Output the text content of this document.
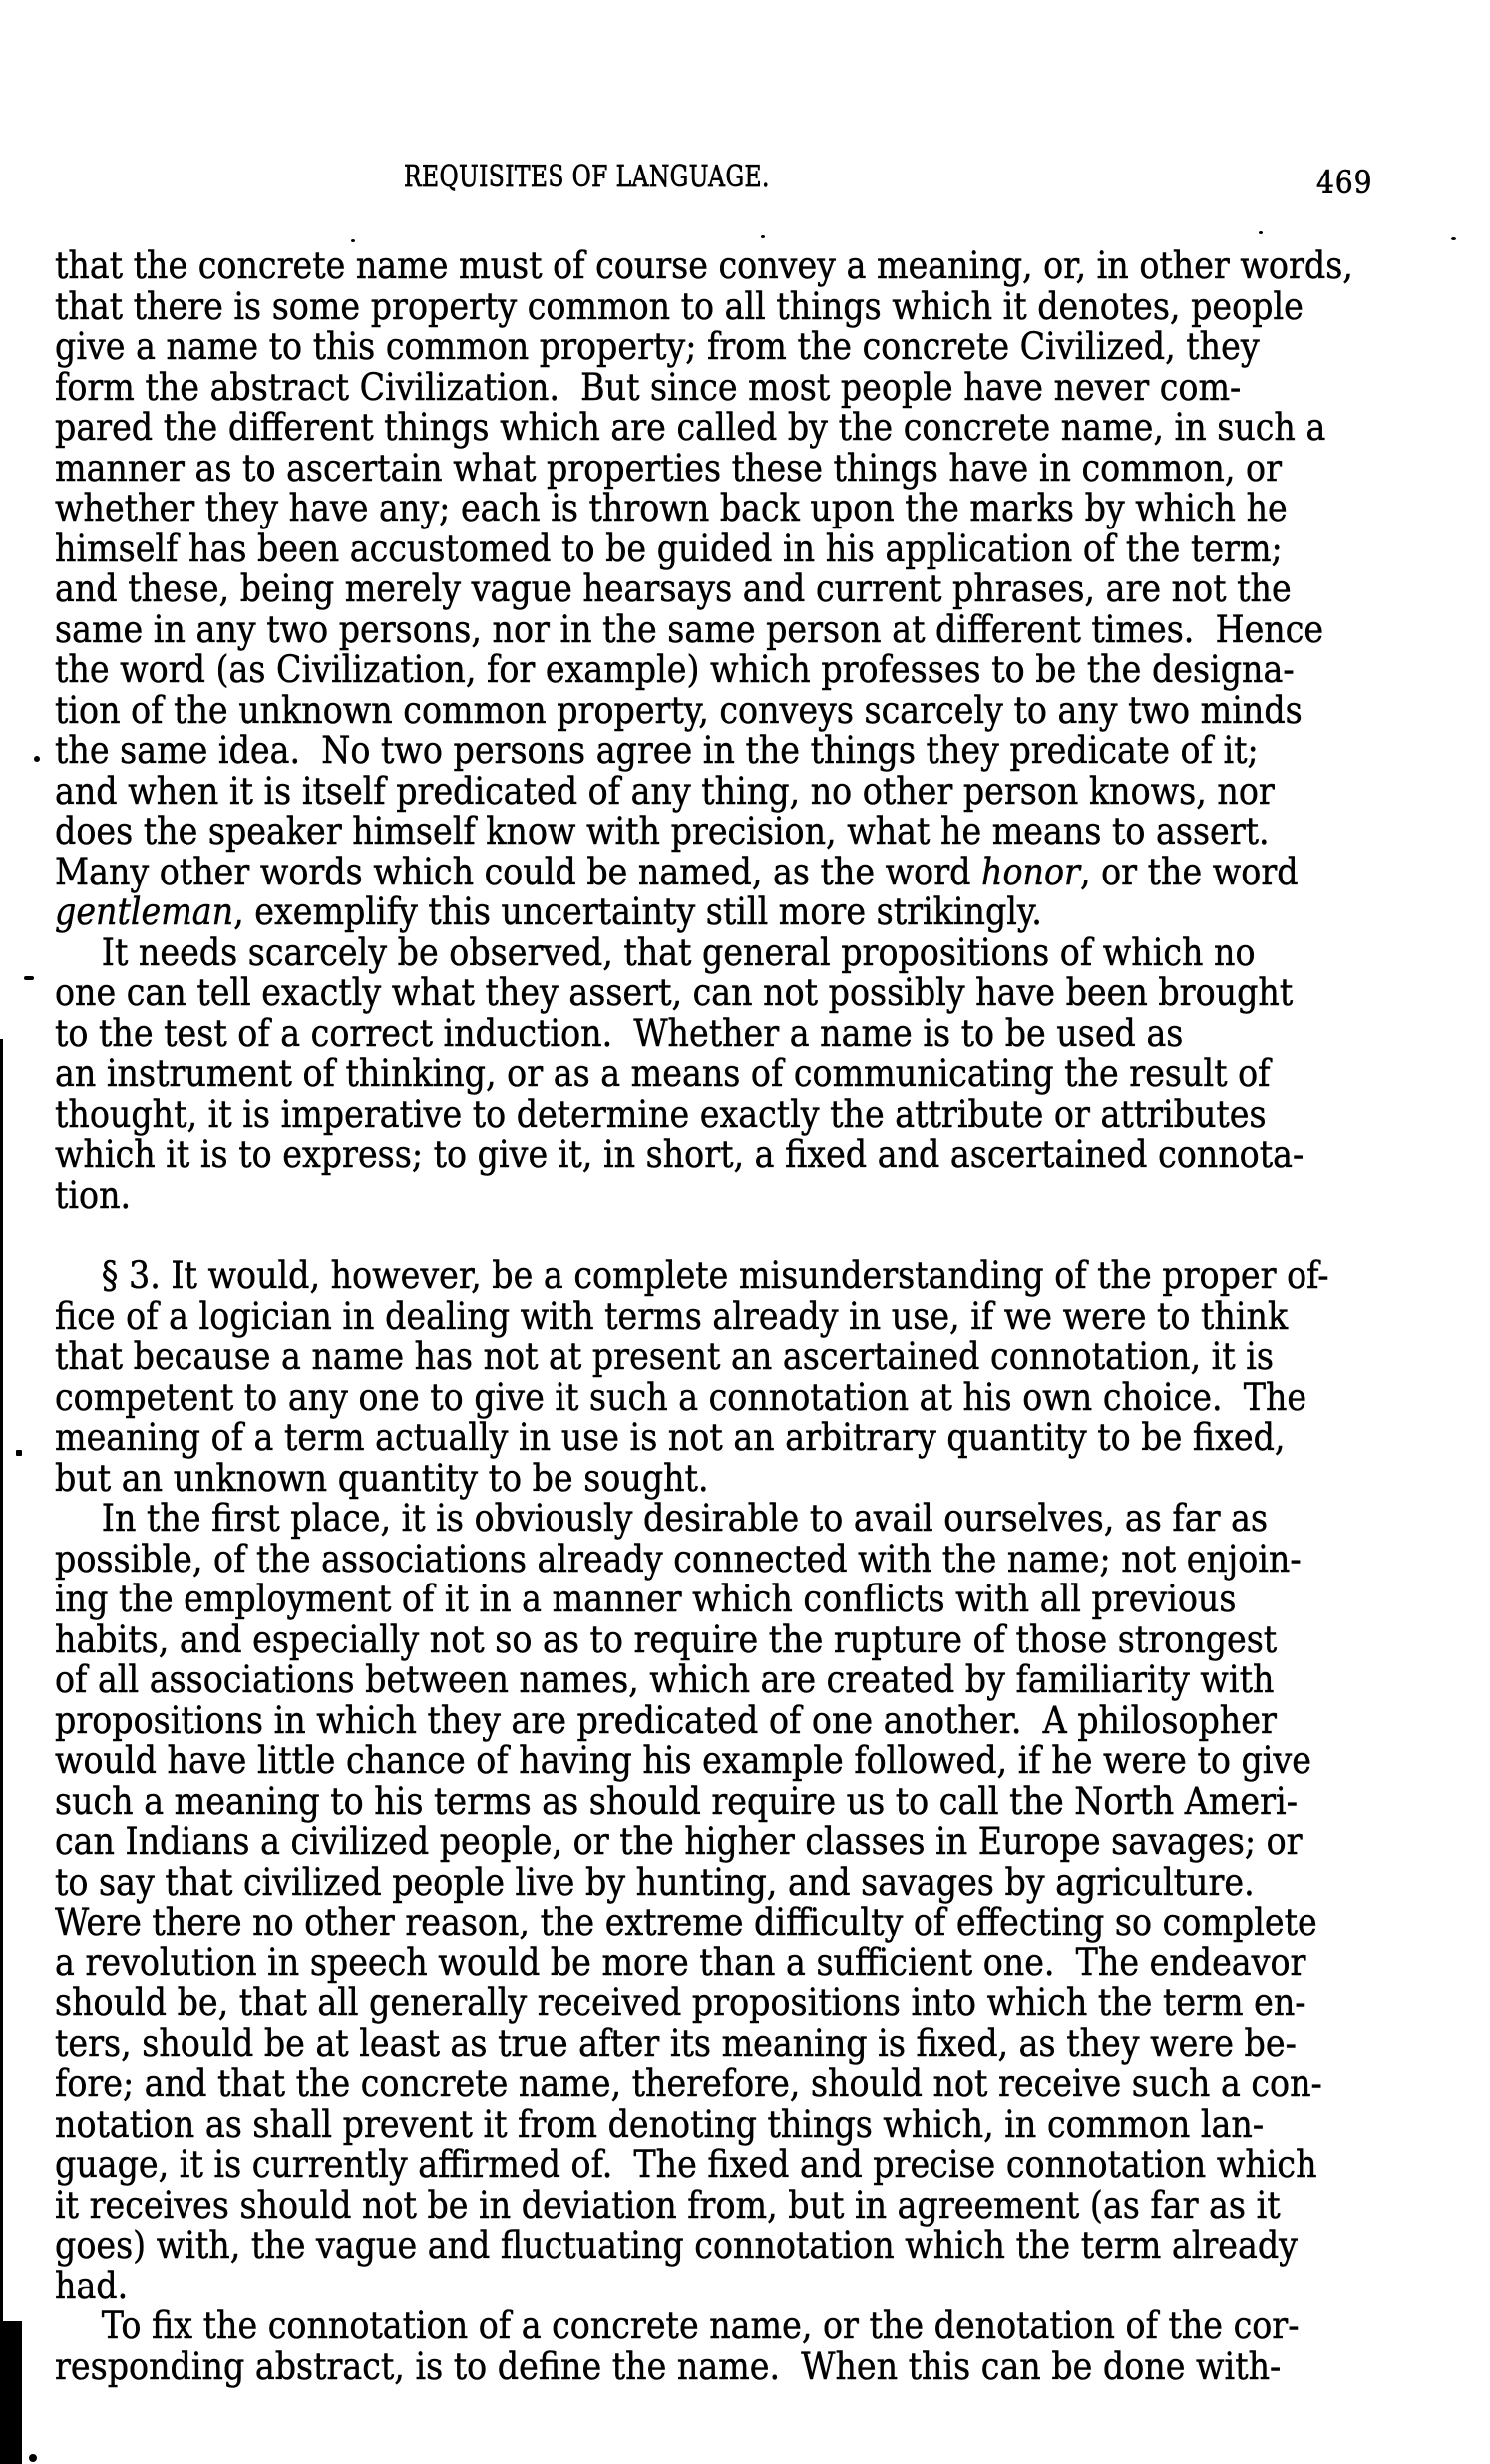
REQUISITES OF LANGUAGE.	469
that the concrete name must of course convey a meaning, or, in other words,
that there is some property common to all things which it denotes, people
give a name to this common property; from the concrete Civilized, they
form the abstract Civilization.  But since most people have never com-
pared the different things which are called by the concrete name, in such a
manner as to ascertain what properties these things have in common, or
whether they have any; each is thrown back upon the marks by which he
himself has been accustomed to be guided in his application of the term;
and these, being merely vague hearsays and current phrases, are not the
same in any two persons, nor in the same person at different times.  Hence
the word (as Civilization, for example) which professes to be the designa-
tion of the unknown common property, conveys scarcely to any two minds
the same idea.  No two persons agree in the things they predicate of it;
and when it is itself predicated of any thing, no other person knows, nor
does the speaker himself know with precision, what he means to assert.
Many other words which could be named, as the word honor, or the word
gentleman, exemplify this uncertainty still more strikingly.
It needs scarcely be observed, that general propositions of which no
one can tell exactly what they assert, can not possibly have been brought
to the test of a correct induction.  Whether a name is to be used as
an instrument of thinking, or as a means of communicating the result of
thought, it is imperative to determine exactly the attribute or attributes
which it is to express; to give it, in short, a fixed and ascertained connota-
tion.
§ 3. It would, however, be a complete misunderstanding of the proper of-
fice of a logician in dealing with terms already in use, if we were to think
that because a name has not at present an ascertained connotation, it is
competent to any one to give it such a connotation at his own choice.  The
meaning of a term actually in use is not an arbitrary quantity to be fixed,
but an unknown quantity to be sought.
In the first place, it is obviously desirable to avail ourselves, as far as
possible, of the associations already connected with the name; not enjoin-
ing the employment of it in a manner which conflicts with all previous
habits, and especially not so as to require the rupture of those strongest
of all associations between names, which are created by familiarity with
propositions in which they are predicated of one another.  A philosopher
would have little chance of having his example followed, if he were to give
such a meaning to his terms as should require us to call the North Ameri-
can Indians a civilized people, or the higher classes in Europe savages; or
to say that civilized people live by hunting, and savages by agriculture.
Were there no other reason, the extreme difficulty of effecting so complete
a revolution in speech would be more than a sufficient one.  The endeavor
should be, that all generally received propositions into which the term en-
ters, should be at least as true after its meaning is fixed, as they were be-
fore; and that the concrete name, therefore, should not receive such a con-
notation as shall prevent it from denoting things which, in common lan-
guage, it is currently affirmed of.  The fixed and precise connotation which
it receives should not be in deviation from, but in agreement (as far as it
goes) with, the vague and fluctuating connotation which the term already
had.
To fix the connotation of a concrete name, or the denotation of the cor-
responding abstract, is to define the name.  When this can be done with-
